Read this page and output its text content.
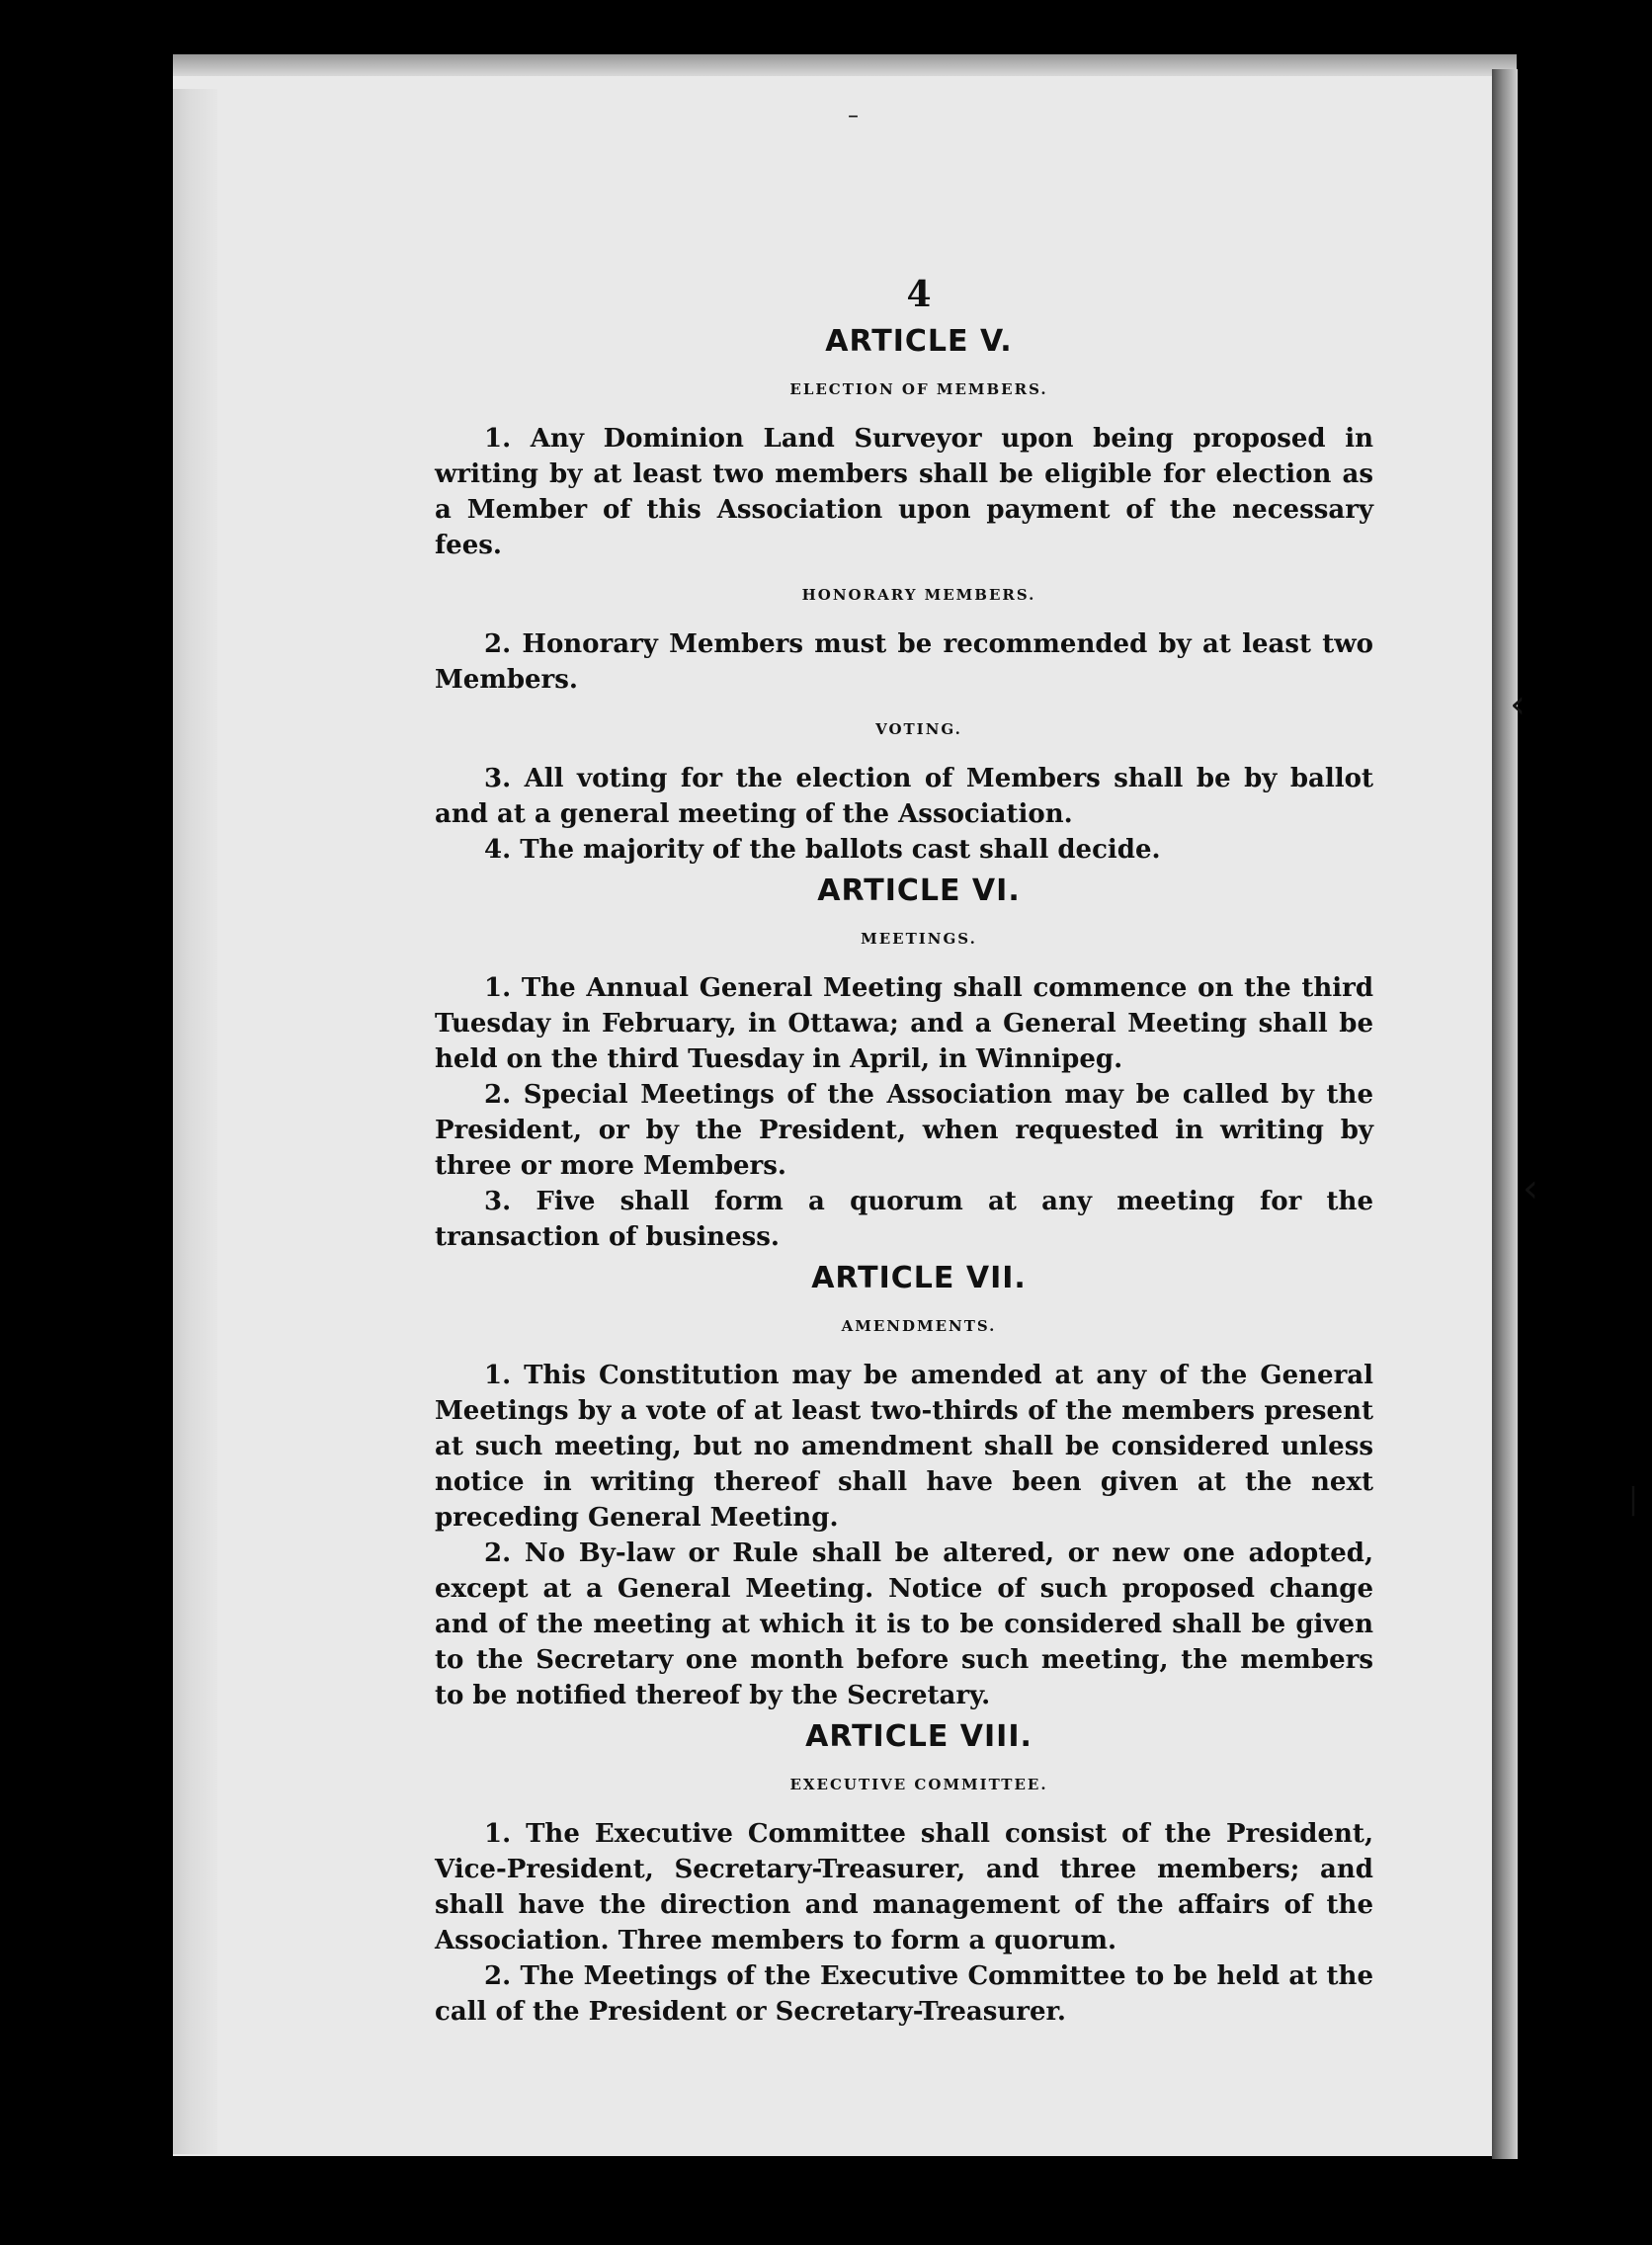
–
‹
‹
|
4
ARTICLE V.
ELECTION OF MEMBERS.

1. Any Dominion Land Surveyor upon being proposed in writing by at least two members shall be eligible for election as a Member of this Association upon payment of the necessary fees.

HONORARY MEMBERS.

2. Honorary Members must be recommended by at least two Members.

VOTING.

3. All voting for the election of Members shall be by ballot and at a general meeting of the Association.

4. The majority of the ballots cast shall decide.

ARTICLE VI.
MEETINGS.

1. The Annual General Meeting shall commence on the third Tuesday in February, in Ottawa; and a General Meeting shall be held on the third Tuesday in April, in Winnipeg.

2. Special Meetings of the Association may be called by the President, or by the President, when requested in writing by three or more Members.

3. Five shall form a quorum at any meeting for the transaction of business.

ARTICLE VII.
AMENDMENTS.

1. This Constitution may be amended at any of the General Meetings by a vote of at least two-thirds of the members present at such meeting, but no amendment shall be considered unless notice in writing thereof shall have been given at the next preceding General Meeting.

2. No By-law or Rule shall be altered, or new one adopted, except at a General Meeting. Notice of such proposed change and of the meeting at which it is to be considered shall be given to the Secretary one month before such meeting, the members to be notified thereof by the Secretary.

ARTICLE VIII.
EXECUTIVE COMMITTEE.

1. The Executive Committee shall consist of the President, Vice-President, Secretary-Treasurer, and three members; and shall have the direction and management of the affairs of the Association. Three members to form a quorum.

2. The Meetings of the Executive Committee to be held at the call of the President or Secretary-Treasurer.
